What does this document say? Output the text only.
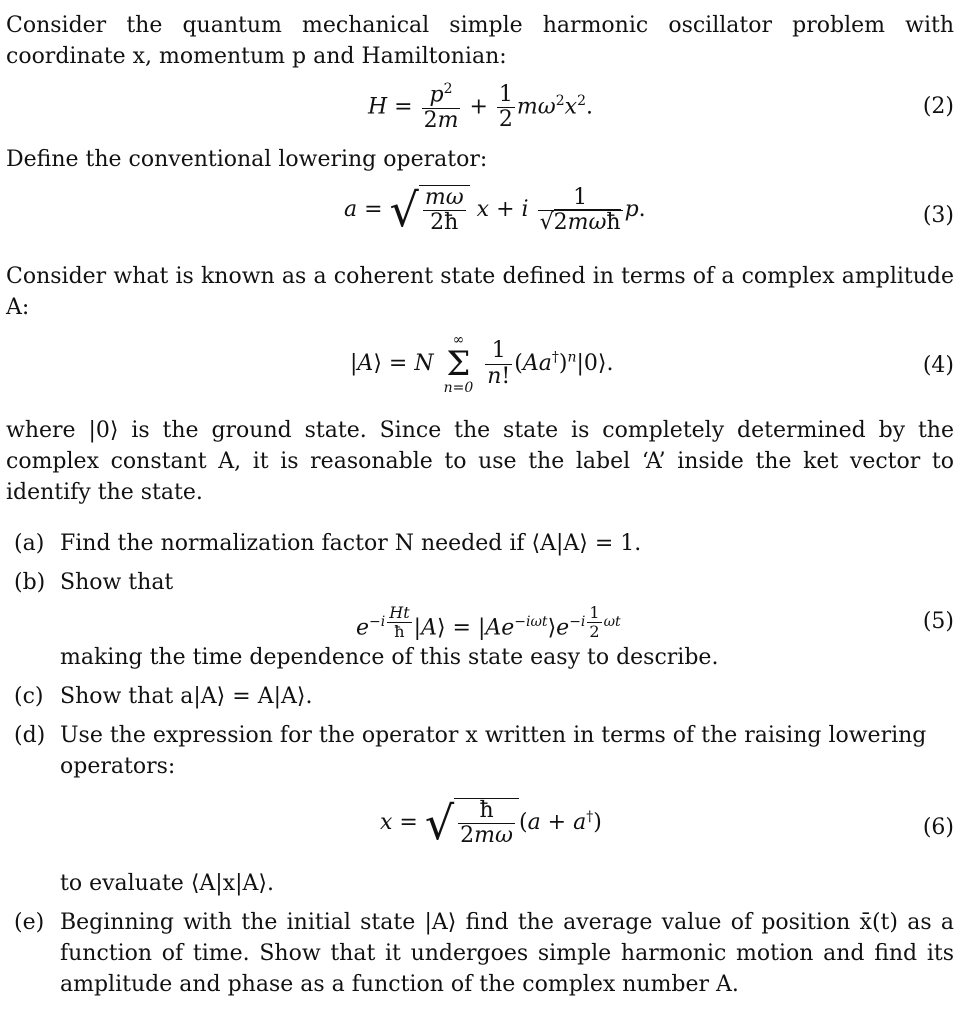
Consider the quantum mechanical simple harmonic oscillator problem with coordinate x, momentum p and Hamiltonian:

$H = \frac{p^2}{2m} + \frac{1}{2} m\omega^2x^2$.	(2)

Define the conventional lowering operator:

a = √ $\frac{m\omega}{2ħ}$ x + i $\frac{1}{\text{√2mωħ}} p$.	(3)

Consider what is known as a coherent state defined in terms of a complex amplitude A:

|A⟩ = N
∞
Σ
n=0
$\frac{1}{n!}$ $(Aa^\dagger)^n|0⟩$.	(4)

where |0⟩ is the ground state. Since the state is completely determined by the complex constant A, it is reasonable to use the label ‘A’ inside the ket vector to identify the state.

(a) Find the normalization factor N needed if ⟨A|A⟩ = 1.
(b) Show that
$e^{-i \frac{Ht}{ħ}}$ |A⟩ = $|Ae^{-i\omega t}⟩e^{-i \frac{1}{2} \omega t}$	(5)
making the time dependence of this state easy to describe.
(c) Show that a|A⟩ = A|A⟩.
(d) Use the expression for the operator x written in terms of the raising lowering operators:
x = √ $\frac{ħ}{2m\omega} (a + a^\dagger)$	(6)
to evaluate ⟨A|x|A⟩.
(e) Beginning with the initial state |A⟩ find the average value of position x̄(t) as a function of time. Show that it undergoes simple harmonic motion and find its amplitude and phase as a function of the complex number A.
